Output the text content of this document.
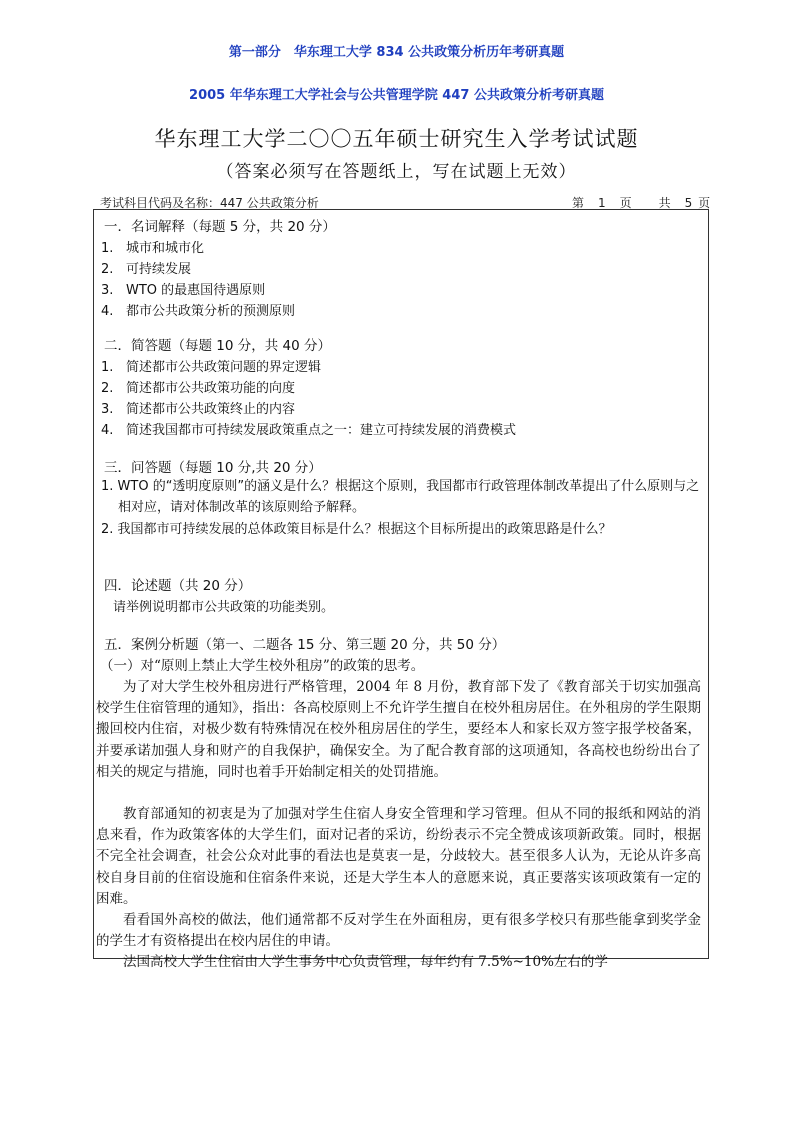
第一部分　华东理工大学 834 公共政策分析历年考研真题
2005 年华东理工大学社会与公共管理学院 447 公共政策分析考研真题
华东理工大学二〇〇五年硕士研究生入学考试试题
（答案必须写在答题纸上，写在试题上无效）
考试科目代码及名称：447 公共政策分析	第　1　页　　共　5 页
一．名词解释（每题 5 分，共 20 分）
1. 城市和城市化
2. 可持续发展
3. WTO 的最惠国待遇原则
4. 都市公共政策分析的预测原则
二．简答题（每题 10 分，共 40 分）
1. 简述都市公共政策问题的界定逻辑
2. 简述都市公共政策功能的向度
3. 简述都市公共政策终止的内容
4. 简述我国都市可持续发展政策重点之一：建立可持续发展的消费模式
三．问答题（每题 10 分,共 20 分）
1. WTO 的“透明度原则”的涵义是什么？根据这个原则，我国都市行政管理体制改革提出了什么原则与之相对应，请对体制改革的该原则给予解释。
2. 我国都市可持续发展的总体政策目标是什么？根据这个目标所提出的政策思路是什么？
四．论述题（共 20 分）
请举例说明都市公共政策的功能类别。
五．案例分析题（第一、二题各 15 分、第三题 20 分，共 50 分）
（一）对“原则上禁止大学生校外租房”的政策的思考。
为了对大学生校外租房进行严格管理，2004 年 8 月份，教育部下发了《教育部关于切实加强高校学生住宿管理的通知》，指出：各高校原则上不允许学生擅自在校外租房居住。在外租房的学生限期搬回校内住宿，对极少数有特殊情况在校外租房居住的学生，要经本人和家长双方签字报学校备案，并要承诺加强人身和财产的自我保护，确保安全。为了配合教育部的这项通知，各高校也纷纷出台了相关的规定与措施，同时也着手开始制定相关的处罚措施。
教育部通知的初衷是为了加强对学生住宿人身安全管理和学习管理。但从不同的报纸和网站的消息来看，作为政策客体的大学生们，面对记者的采访，纷纷表示不完全赞成该项新政策。同时，根据不完全社会调查，社会公众对此事的看法也是莫衷一是，分歧较大。甚至很多人认为，无论从许多高校自身目前的住宿设施和住宿条件来说，还是大学生本人的意愿来说，真正要落实该项政策有一定的困难。
看看国外高校的做法，他们通常都不反对学生在外面租房，更有很多学校只有那些能拿到奖学金的学生才有资格提出在校内居住的申请。
法国高校大学生住宿由大学生事务中心负责管理，每年约有 7.5%~10%左右的学
